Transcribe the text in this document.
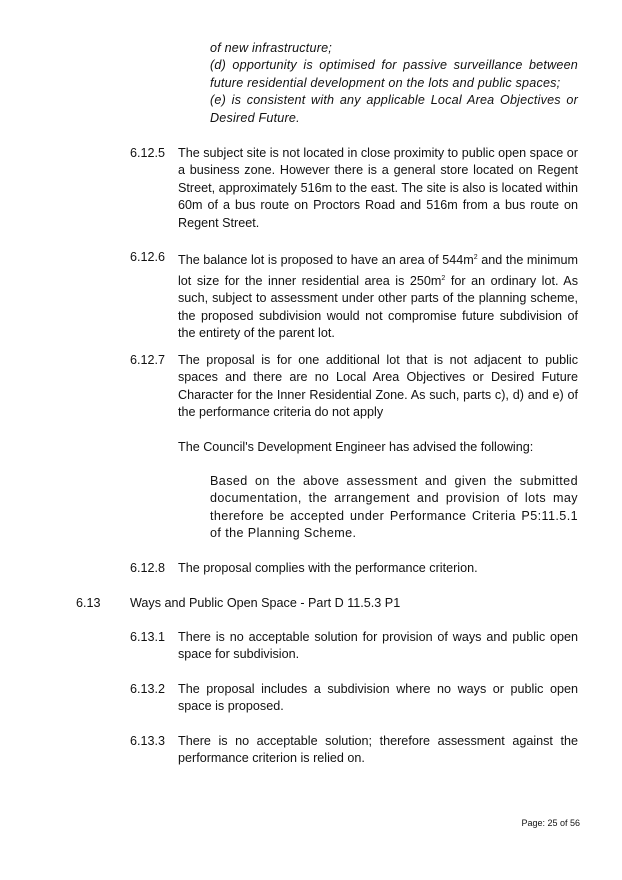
of new infrastructure;

(d) opportunity is optimised for passive surveillance between future residential development on the lots and public spaces;

(e) is consistent with any applicable Local Area Objectives or Desired Future.

6.12.5 The subject site is not located in close proximity to public open space or a business zone. However there is a general store located on Regent Street, approximately 516m to the east. The site is also is located within 60m of a bus route on Proctors Road and 516m from a bus route on Regent Street.
6.12.6 The balance lot is proposed to have an area of $544m^2$ and the minimum lot size for the inner residential area is $250m^2$ for an ordinary lot. As such, subject to assessment under other parts of the planning scheme, the proposed subdivision would not compromise future subdivision of the entirety of the parent lot.
6.12.7 The proposal is for one additional lot that is not adjacent to public spaces and there are no Local Area Objectives or Desired Future Character for the Inner Residential Zone. As such, parts c), d) and e) of the performance criteria do not apply
The Council's Development Engineer has advised the following:
Based on the above assessment and given the submitted documentation, the arrangement and provision of lots may therefore be accepted under Performance Criteria P5:11.5.1 of the Planning Scheme.
6.12.8 The proposal complies with the performance criterion.
6.13 Ways and Public Open Space - Part D 11.5.3 P1
6.13.1 There is no acceptable solution for provision of ways and public open space for subdivision.
6.13.2 The proposal includes a subdivision where no ways or public open space is proposed.
6.13.3 There is no acceptable solution; therefore assessment against the performance criterion is relied on.
Page: 25 of 56
